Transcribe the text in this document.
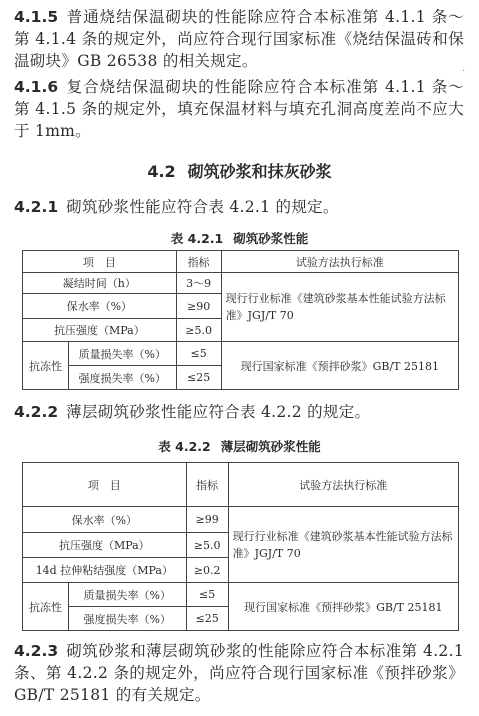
4.1.5 普通烧结保温砌块的性能除应符合本标准第 4.1.1 条～第 4.1.4 条的规定外，尚应符合现行国家标准《烧结保温砖和保温砌块》GB 26538 的相关规定。
·
4.1.6 复合烧结保温砌块的性能除应符合本标准第 4.1.1 条～第 4.1.5 条的规定外，填充保温材料与填充孔洞高度差尚不应大于 1mm。
4.2 砌筑砂浆和抹灰砂浆
4.2.1 砌筑砂浆性能应符合表 4.2.1 的规定。
表 4.2.1 砌筑砂浆性能
项　目		指标	试验方法执行标准
凝结时间（h）		3～9	现行行业标准《建筑砂浆基本性能试验方法标准》JGJ/T 70
保水率（%）		≥90	
抗压强度（MPa）		≥5.0	
抗冻性	质量损失率（%）	≤5	现行国家标准《预拌砂浆》GB/T 25181
	强度损失率（%）	≤25	
4.2.2 薄层砌筑砂浆性能应符合表 4.2.2 的规定。
表 4.2.2 薄层砌筑砂浆性能
项　目		指标	试验方法执行标准
保水率（%）		≥99	现行行业标准《建筑砂浆基本性能试验方法标准》JGJ/T 70
抗压强度（MPa）		≥5.0	
14d 拉伸粘结强度（MPa）		≥0.2	
抗冻性	质量损失率（%）	≤5	现行国家标准《预拌砂浆》GB/T 25181
	强度损失率（%）	≤25	
4.2.3 砌筑砂浆和薄层砌筑砂浆的性能除应符合本标准第 4.2.1 条、第 4.2.2 条的规定外，尚应符合现行国家标准《预拌砂浆》GB/T 25181 的有关规定。
